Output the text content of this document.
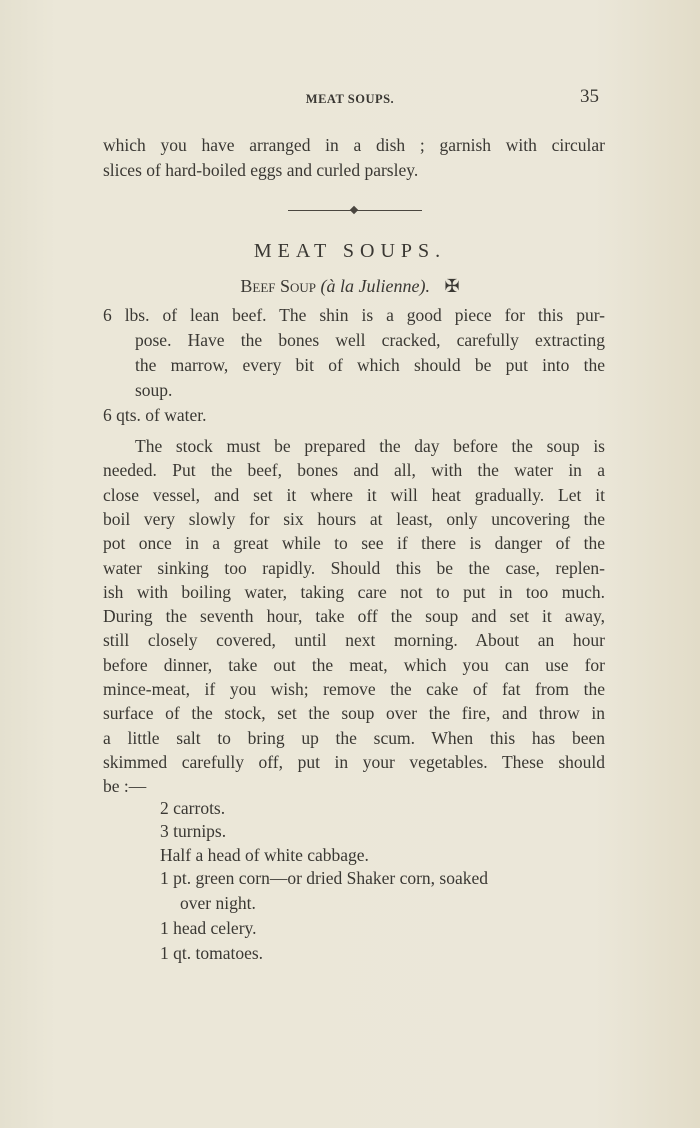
MEAT SOUPS.	35
which you have arranged in a dish ; garnish with circular
slices of hard-boiled eggs and curled parsley.
MEAT SOUPS.
Beef Soup (à la Julienne). ✠
6 lbs. of lean beef. The shin is a good piece for this pur-
pose. Have the bones well cracked, carefully extracting
the marrow, every bit of which should be put into the
soup.
6 qts. of water.
The stock must be prepared the day before the soup is
needed. Put the beef, bones and all, with the water in a
close vessel, and set it where it will heat gradually. Let it
boil very slowly for six hours at least, only uncovering the
pot once in a great while to see if there is danger of the
water sinking too rapidly. Should this be the case, replen-
ish with boiling water, taking care not to put in too much.
During the seventh hour, take off the soup and set it away,
still closely covered, until next morning. About an hour
before dinner, take out the meat, which you can use for
mince-meat, if you wish; remove the cake of fat from the
surface of the stock, set the soup over the fire, and throw in
a little salt to bring up the scum. When this has been
skimmed carefully off, put in your vegetables. These should
be :—
2 carrots.
3 turnips.
Half a head of white cabbage.
1 pt. green corn—or dried Shaker corn, soaked
over night.
1 head celery.
1 qt. tomatoes.
